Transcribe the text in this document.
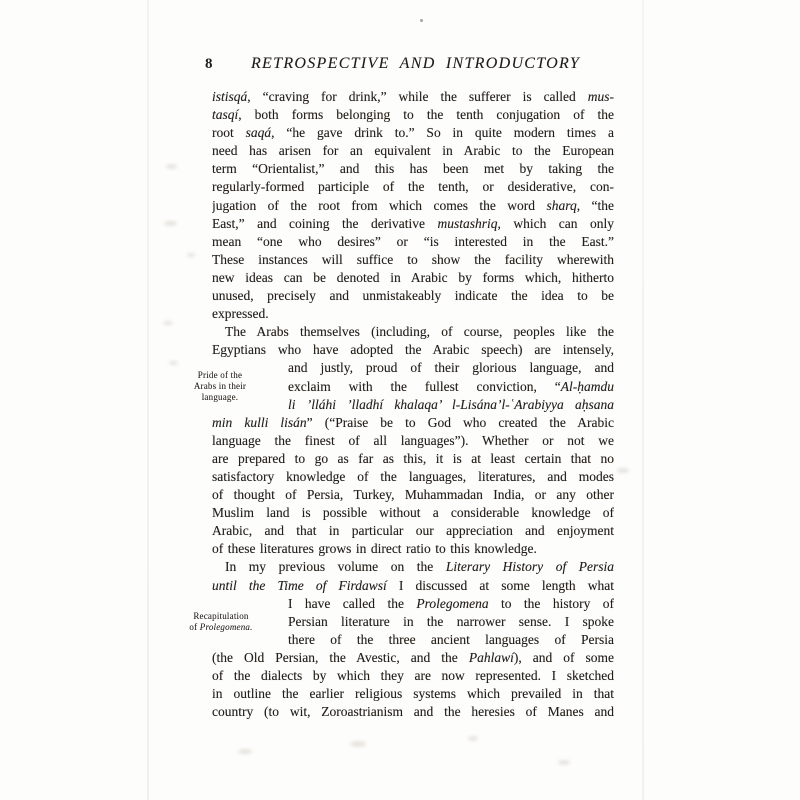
8	RETROSPECTIVE AND INTRODUCTORY
istisqá, “craving for drink,” while the sufferer is called mus-
tasqí, both forms belonging to the tenth conjugation of the
root saqá, “he gave drink to.” So in quite modern times a
need has arisen for an equivalent in Arabic to the European
term “Orientalist,” and this has been met by taking the
regularly-formed participle of the tenth, or desiderative, con-
jugation of the root from which comes the word sharq, “the
East,” and coining the derivative mustashriq, which can only
mean “one who desires” or “is interested in the East.”
These instances will suffice to show the facility wherewith
new ideas can be denoted in Arabic by forms which, hitherto
unused, precisely and unmistakeably indicate the idea to be
expressed.
The Arabs themselves (including, of course, peoples like the
Egyptians who have adopted the Arabic speech) are intensely,
and justly, proud of their glorious language, and
exclaim with the fullest conviction, “Al-ḥamdu
li ’lláhi ’lladhí khalaqa’ l-Lisána’l-ʿArabiyya aḥsana
min kulli lisán” (“Praise be to God who created the Arabic
language the finest of all languages”). Whether or not we
are prepared to go as far as this, it is at least certain that no
satisfactory knowledge of the languages, literatures, and modes
of thought of Persia, Turkey, Muhammadan India, or any other
Muslim land is possible without a considerable knowledge of
Arabic, and that in particular our appreciation and enjoyment
of these literatures grows in direct ratio to this knowledge.
In my previous volume on the Literary History of Persia
until the Time of Firdawsí I discussed at some length what
I have called the Prolegomena to the history of
Persian literature in the narrower sense. I spoke
there of the three ancient languages of Persia
(the Old Persian, the Avestic, and the Pahlawí), and of some
of the dialects by which they are now represented. I sketched
in outline the earlier religious systems which prevailed in that
country (to wit, Zoroastrianism and the heresies of Manes and
Pride of the
Arabs in their
language.
Recapitulation
of Prolegomena.
